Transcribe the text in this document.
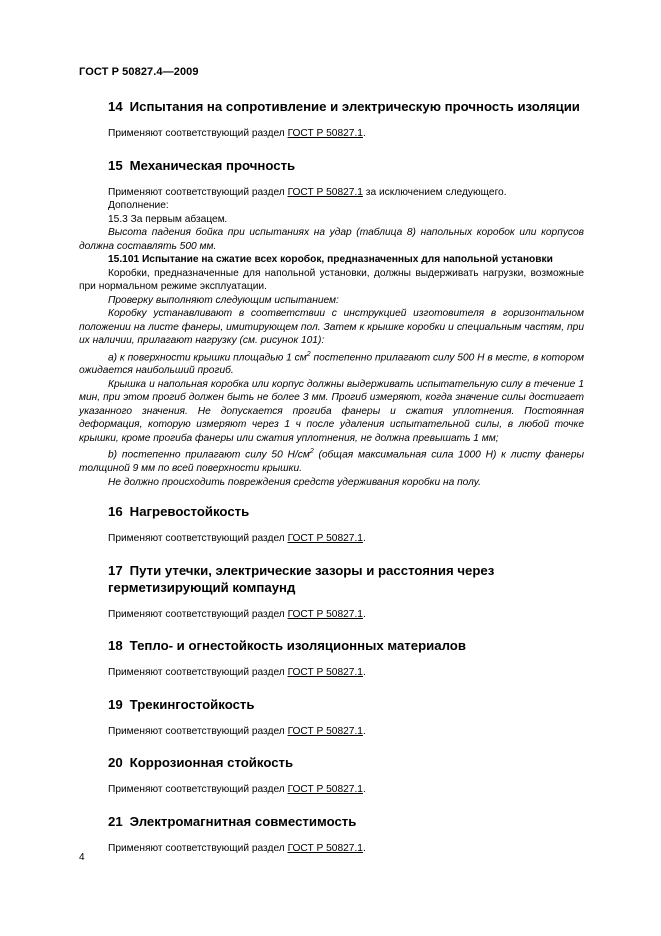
ГОСТ Р 50827.4—2009

14 Испытания на сопротивление и электрическую прочность изоляции

Применяют соответствующий раздел ГОСТ Р 50827.1.

15 Механическая прочность

Применяют соответствующий раздел ГОСТ Р 50827.1 за исключением следующего.

Дополнение:

15.3 За первым абзацем.

Высота падения бойка при испытаниях на удар (таблица 8) напольных коробок или корпусов должна составлять 500 мм.

15.101 Испытание на сжатие всех коробок, предназначенных для напольной установки

Коробки, предназначенные для напольной установки, должны выдерживать нагрузки, возможные при нормальном режиме эксплуатации.

Проверку выполняют следующим испытанием:

Коробку устанавливают в соответствии с инструкцией изготовителя в горизонтальном положении на листе фанеры, имитирующем пол. Затем к крышке коробки и специальным частям, при их наличии, прилагают нагрузку (см. рисунок 101):

а) к поверхности крышки площадью 1 $см^2$ постепенно прилагают силу 500 Н в месте, в котором ожидается наибольший прогиб.

Крышка и напольная коробка или корпус должны выдерживать испытательную силу в течение 1 мин, при этом прогиб должен быть не более 3 мм. Прогиб измеряют, когда значение силы достигает указанного значения. Не допускается прогиба фанеры и сжатия уплотнения. Постоянная деформация, которую измеряют через 1 ч после удаления испытательной силы, в любой точке крышки, кроме прогиба фанеры или сжатия уплотнения, не должна превышать 1 мм;

b) постепенно прилагают силу 50 $Н/см^2$ (общая максимальная сила 1000 Н) к листу фанеры толщиной 9 мм по всей поверхности крышки.

Не должно происходить повреждения средств удерживания коробки на полу.

16 Нагревостойкость

Применяют соответствующий раздел ГОСТ Р 50827.1.

17 Пути утечки, электрические зазоры и расстояния через

герметизирующий компаунд

Применяют соответствующий раздел ГОСТ Р 50827.1.

18 Тепло- и огнестойкость изоляционных материалов

Применяют соответствующий раздел ГОСТ Р 50827.1.

19 Трекингостойкость

Применяют соответствующий раздел ГОСТ Р 50827.1.

20 Коррозионная стойкость

Применяют соответствующий раздел ГОСТ Р 50827.1.

21 Электромагнитная совместимость

Применяют соответствующий раздел ГОСТ Р 50827.1.

4
